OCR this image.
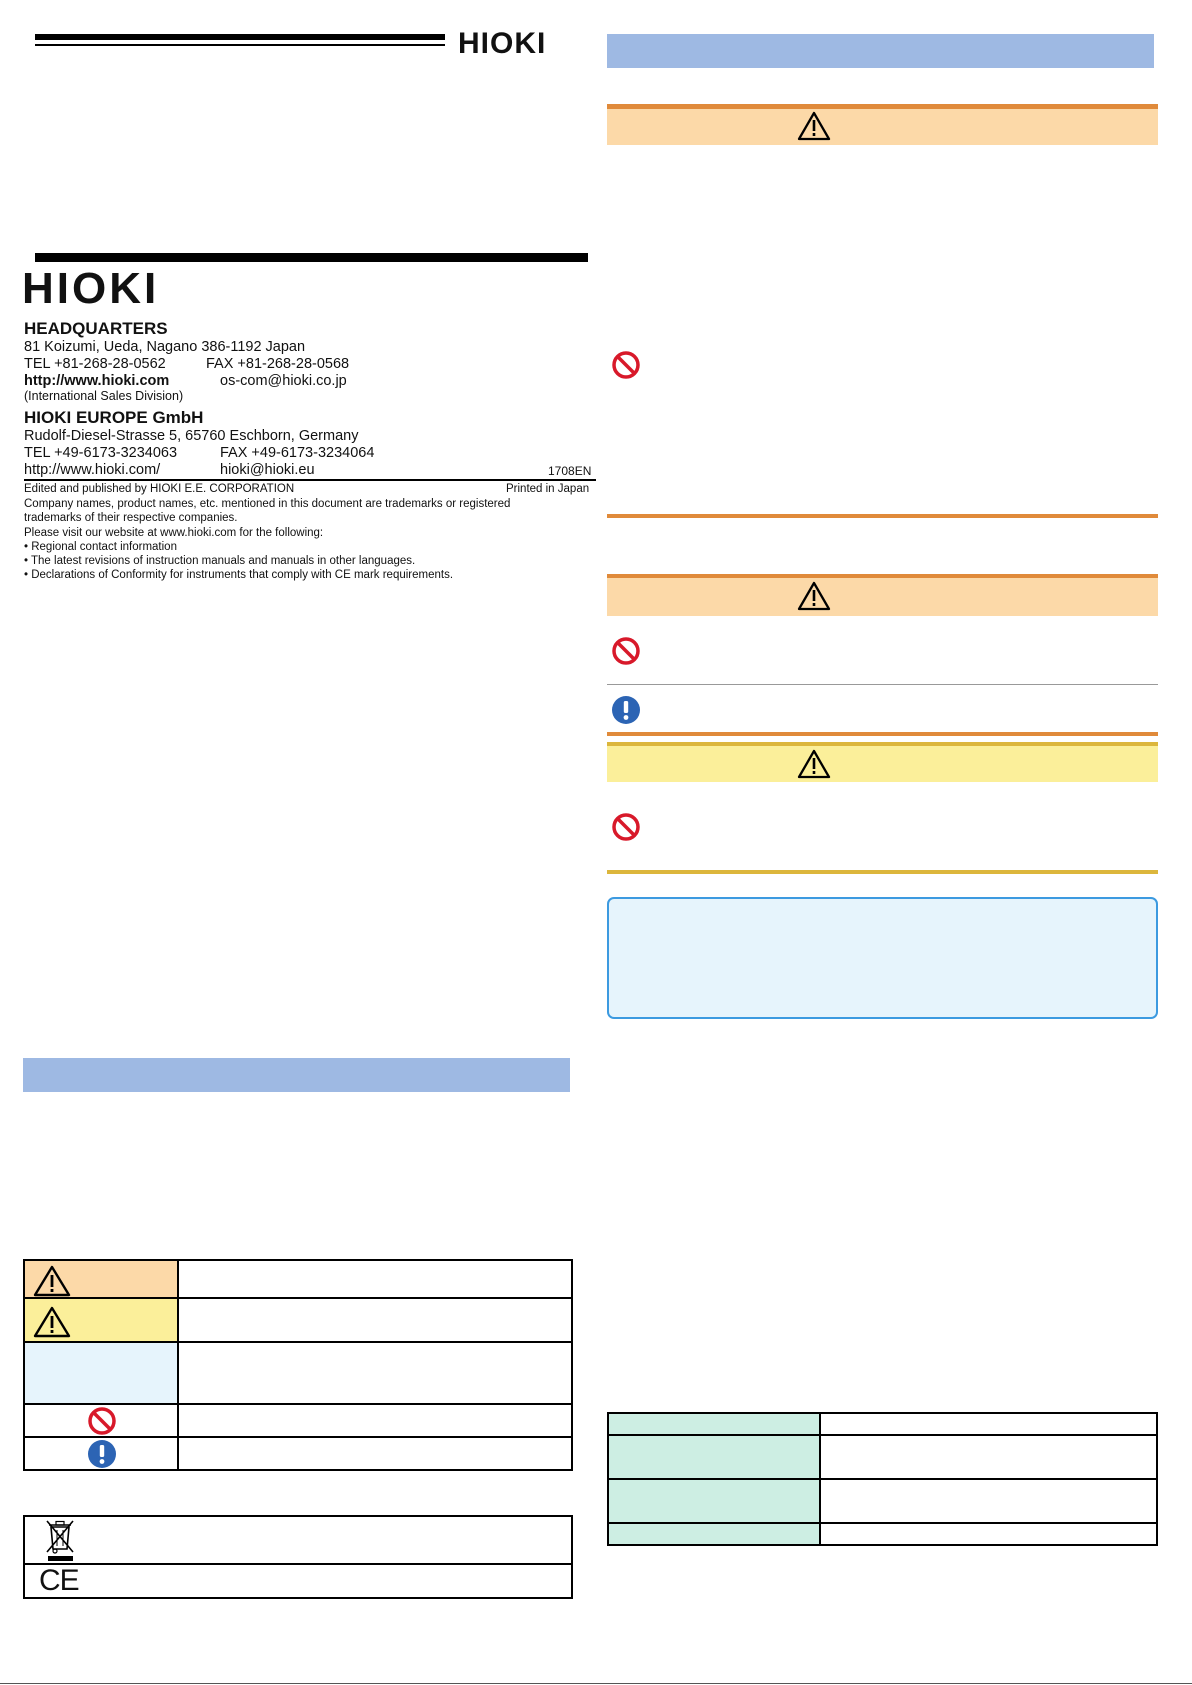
HIOKI
HIOKI
HEADQUARTERS
81 Koizumi, Ueda, Nagano 386-1192 Japan
TEL +81-268-28-0562	FAX +81-268-28-0568
http://www.hioki.com	os-com@hioki.co.jp
(International Sales Division)
HIOKI EUROPE GmbH
Rudolf-Diesel-Strasse 5, 65760 Eschborn, Germany
TEL +49-6173-3234063	FAX +49-6173-3234064
http://www.hioki.com/	hioki@hioki.eu	1708EN
Edited and published by HIOKI E.E. CORPORATION	Printed in Japan
Company names, product names, etc. mentioned in this document are trademarks or registered trademarks of their respective companies.
Please visit our website at www.hioki.com for the following:
• Regional contact information
• The latest revisions of instruction manuals and manuals in other languages.
• Declarations of Conformity for instruments that comply with CE mark requirements.

CE	
